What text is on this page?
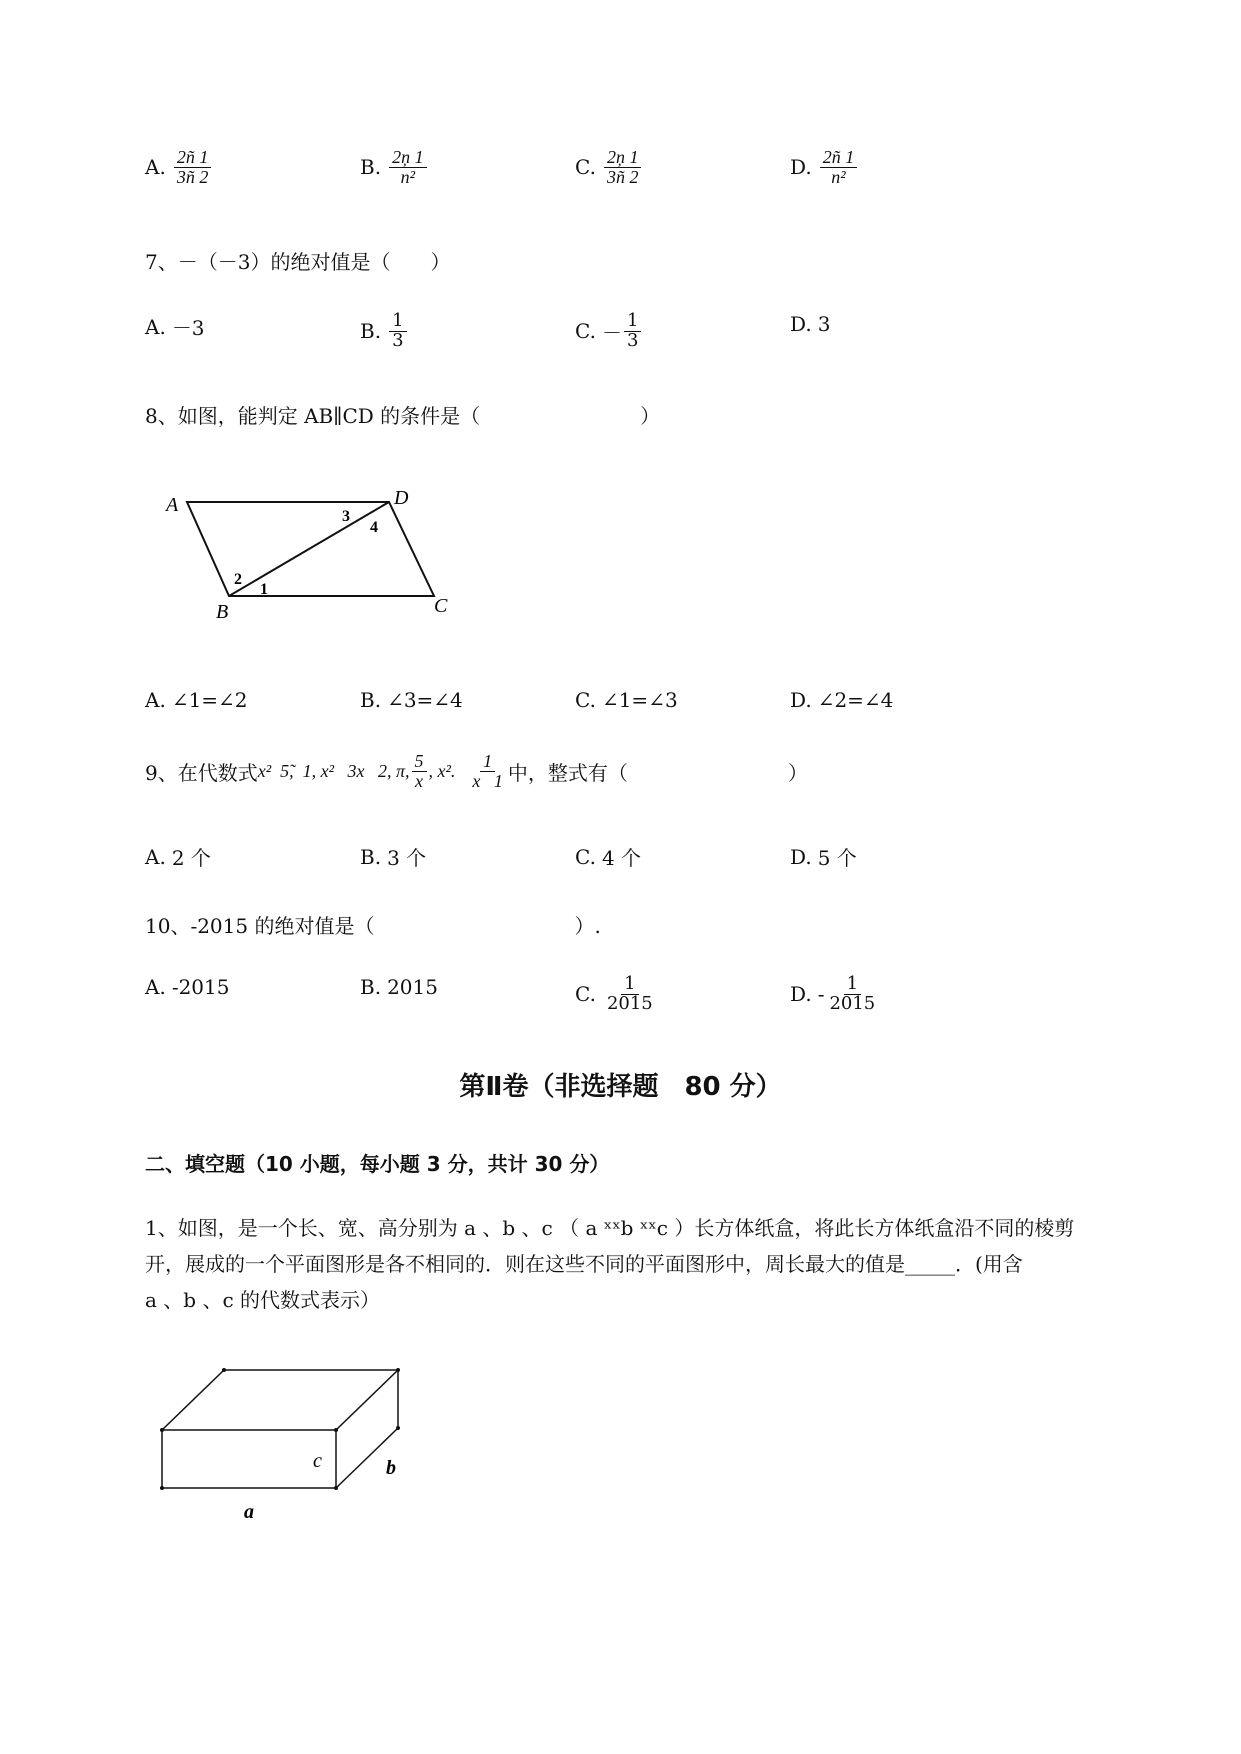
A. $\frac{2ñ 1}{3ñ 2}$	B. $\frac{2ņ 1}{\text{n²}}$	C. $\frac{2ņ 1}{3ñ 2}$	D. $\frac{2ñ 1}{\text{n²}}$
7、－（－3）的绝对值是（　　）
A. －3	B. $\frac{1}{3}$	C. － $\frac{1}{3}$	D. 3
8、如图，能判定 AB∥CD 的条件是（　　　　　　　　）
A	D
B	C
1
2
3
4
A. ∠1=∠2	B. ∠3=∠4	C. ∠1=∠3	D. ∠2=∠4
9、在代数式 x²  5̃,  1, x²   3x   2, π, $\frac{5}{x}$ , x². $\frac{1}{x 1}$ 中，整式有（　　　　　　　　）
A. 2 个	B. 3 个	C. 4 个	D. 5 个
10、-2015 的绝对值是（　　　　　　　　　　）.
A. -2015	B. 2015	C. $\frac{1}{2015}$	D. - $\frac{1}{2015}$
第Ⅱ卷（非选择题　80 分）
二、填空题（10 小题，每小题 3 分，共计 30 分）
1、如图，是一个长、宽、高分别为 a 、b 、c （ a ˣˣb ˣˣc ）长方体纸盒，将此长方体纸盒沿不同的棱剪
开，展成的一个平面图形是各不相同的．则在这些不同的平面图形中，周长最大的值是_____．(用含
a 、b 、c 的代数式表示）
c	b
a
